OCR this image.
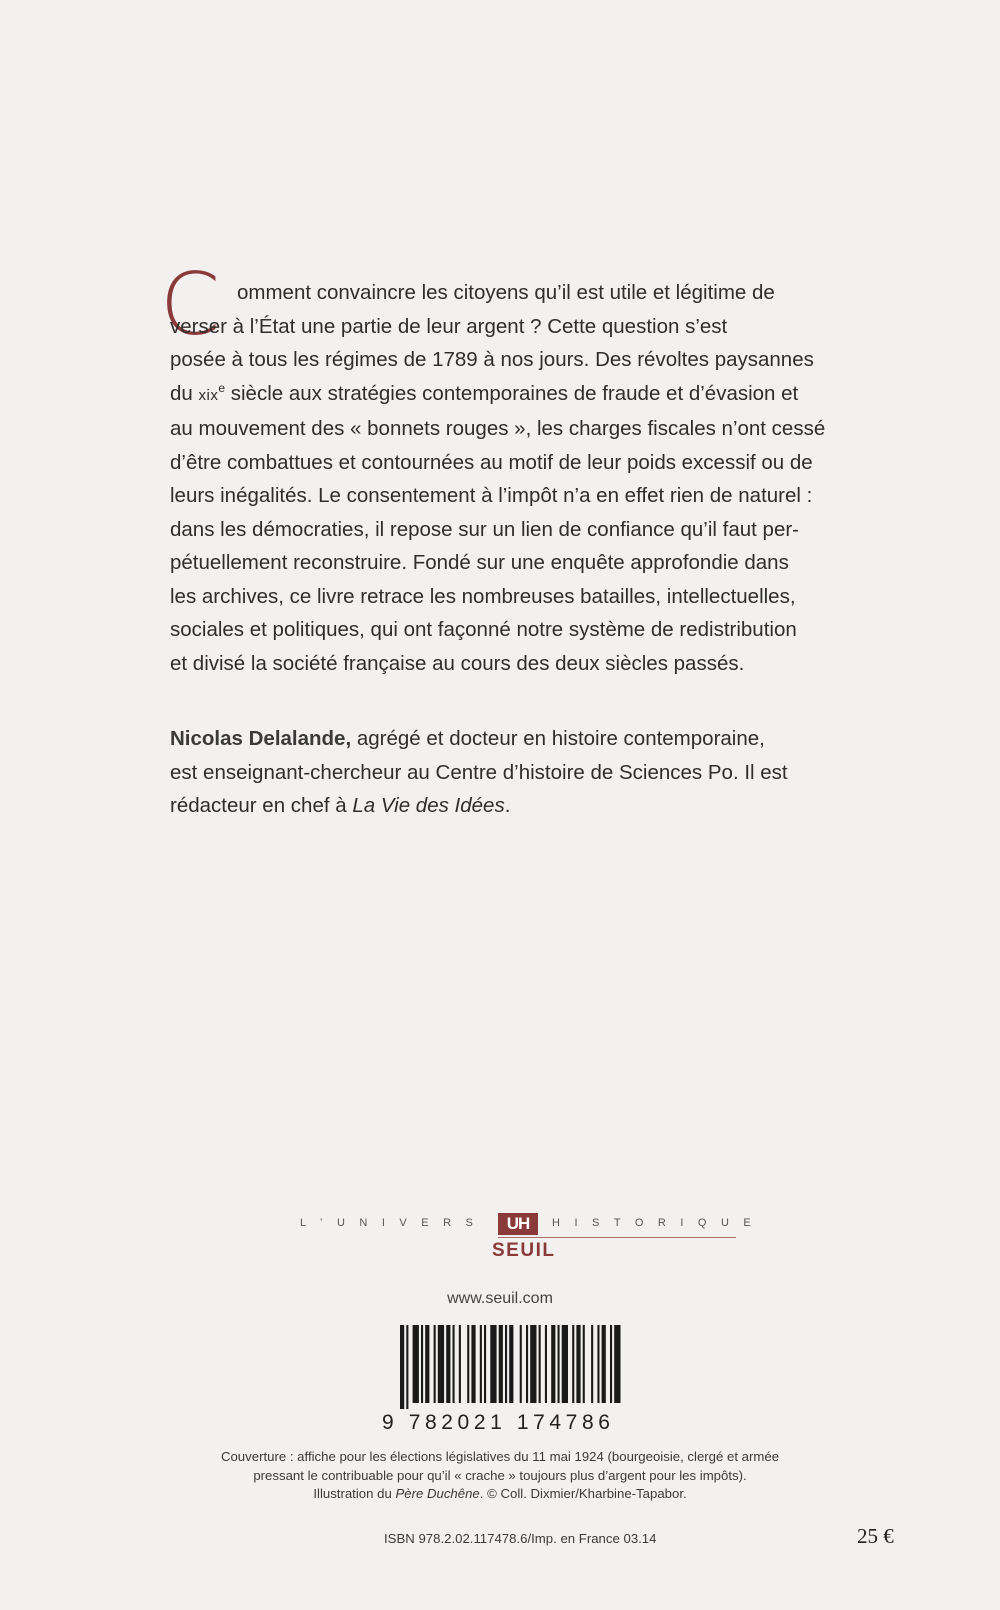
C omment convaincre les citoyens qu’il est utile et légitime de
verser à l’État une partie de leur argent ? Cette question s’est
posée à tous les régimes de 1789 à nos jours. Des révoltes paysannes
du xix$^e$ siècle aux stratégies contemporaines de fraude et d’évasion et
au mouvement des « bonnets rouges », les charges fiscales n’ont cessé
d’être combattues et contournées au motif de leur poids excessif ou de
leurs inégalités. Le consentement à l’impôt n’a en effet rien de naturel :
dans les démocraties, il repose sur un lien de confiance qu’il faut per-
pétuellement reconstruire. Fondé sur une enquête approfondie dans
les archives, ce livre retrace les nombreuses batailles, intellectuelles,
sociales et politiques, qui ont façonné notre système de redistribution
et divisé la société française au cours des deux siècles passés.
Nicolas Delalande, agrégé et docteur en histoire contemporaine,
est enseignant-chercheur au Centre d’histoire de Sciences Po. Il est
rédacteur en chef à La Vie des Idées.
L’UNIVERS	UH	HISTORIQUE
SEUIL
www.seuil.com
9 782021 174786
Couverture : affiche pour les élections législatives du 11 mai 1924 (bourgeoisie, clergé et armée
pressant le contribuable pour qu’il « crache » toujours plus d’argent pour les impôts).
Illustration du Père Duchêne. © Coll. Dixmier/Kharbine-Tapabor.
ISBN 978.2.02.117478.6/Imp. en France 03.14	25 €
